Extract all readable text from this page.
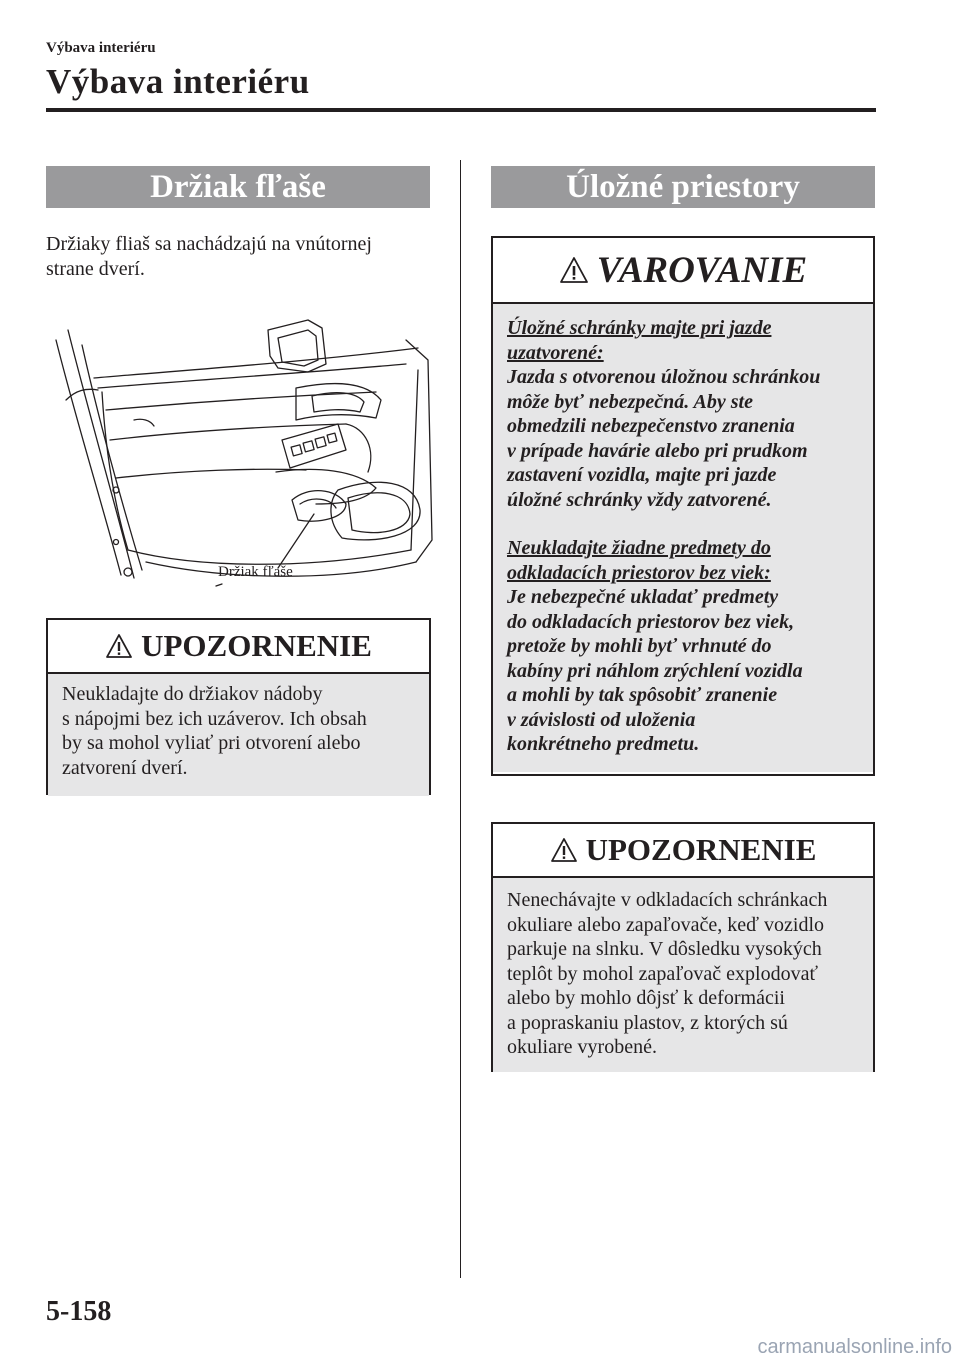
Výbava interiéru
Výbava interiéru
Držiak fľaše
Držiaky fliaš sa nachádzajú na vnútornej
strane dverí.
Držiak fľaše
UPOZORNENIE
Neukladajte do držiakov nádoby
s nápojmi bez ich uzáverov. Ich obsah
by sa mohol vyliať pri otvorení alebo
zatvorení dverí.
Úložné priestory
VAROVANIE
Úložné schránky majte pri jazde
uzatvorené:
Jazda s otvorenou úložnou schránkou
môže byť nebezpečná. Aby ste
obmedzili nebezpečenstvo zranenia
v prípade havárie alebo pri prudkom
zastavení vozidla, majte pri jazde
úložné schránky vždy zatvorené.
Neukladajte žiadne predmety do
odkladacích priestorov bez viek:
Je nebezpečné ukladať predmety
do odkladacích priestorov bez viek,
pretože by mohli byť vrhnuté do
kabíny pri náhlom zrýchlení vozidla
a mohli by tak spôsobiť zranenie
v závislosti od uloženia
konkrétneho predmetu.
UPOZORNENIE
Nenechávajte v odkladacích schránkach
okuliare alebo zapaľovače, keď vozidlo
parkuje na slnku. V dôsledku vysokých
teplôt by mohol zapaľovač explodovať
alebo by mohlo dôjsť k deformácii
a popraskaniu plastov, z ktorých sú
okuliare vyrobené.
5-158
carmanualsonline.info
